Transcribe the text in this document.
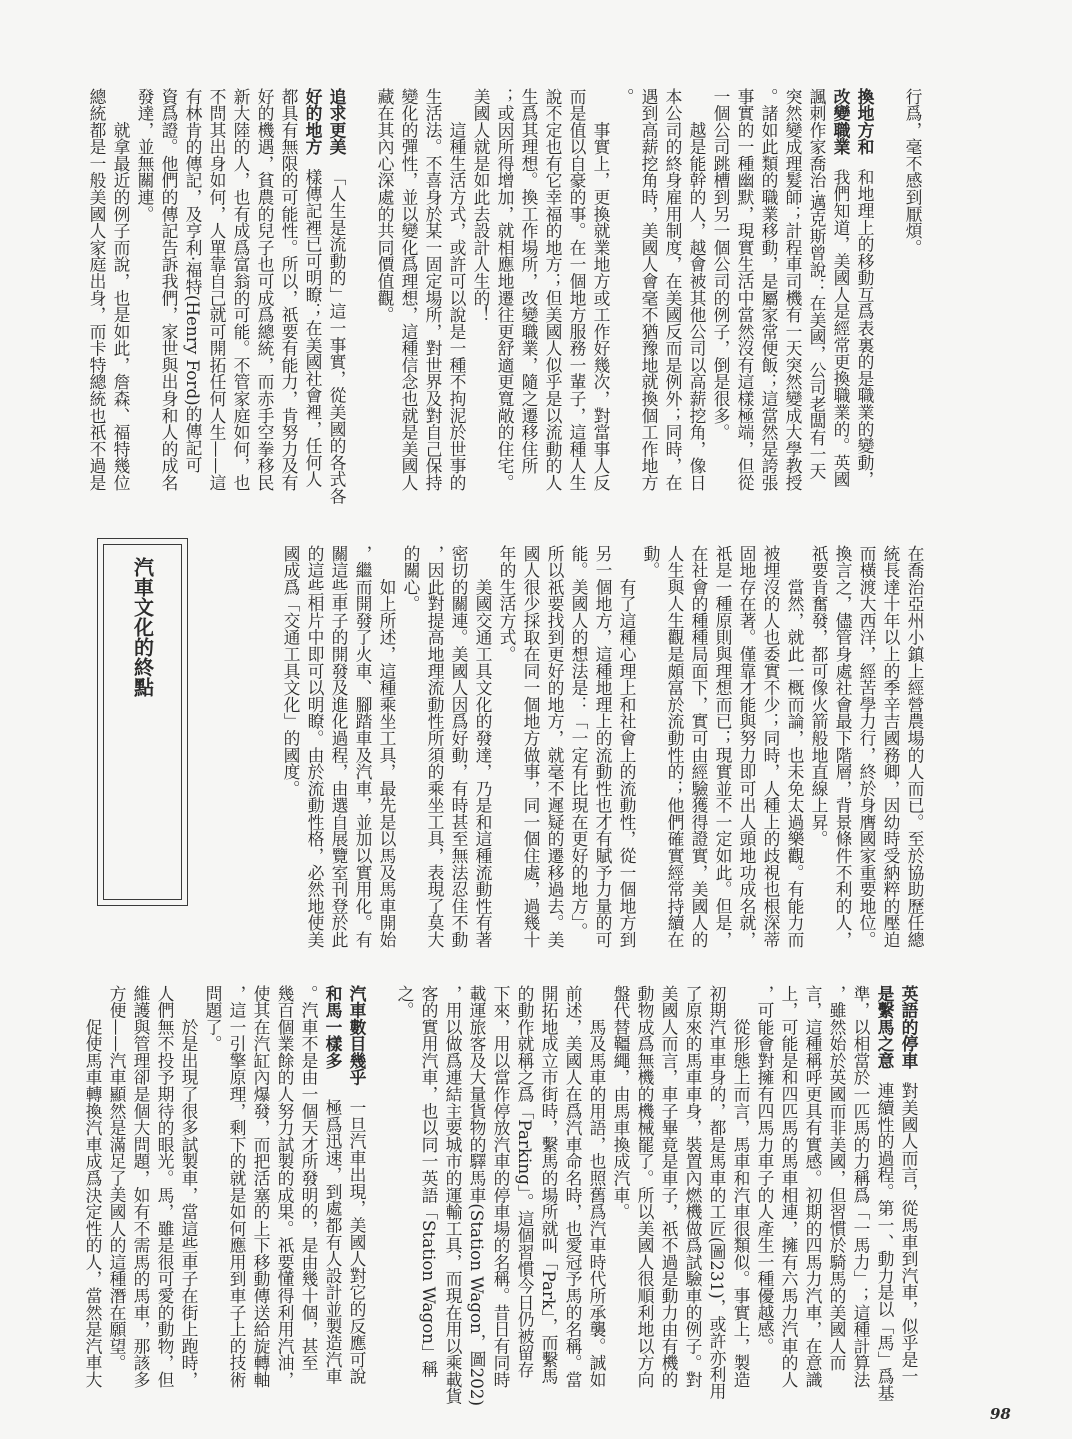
行爲，毫不感到厭煩。
換地方和和地理上的移動互爲表裏的是職業的變動，
改變職業我們知道，美國人是經常更換職業的。英國
諷刺作家喬治‧邁克斯曾說：在美國，公司老闆有一天
突然變成理髮師；計程車司機有一天突然變成大學教授
。諸如此類的職業移動，是屬家常便飯；這當然是誇張
事實的一種幽默，現實生活中當然沒有這樣極端，但從
一個公司跳槽到另一個公司的例子，倒是很多。
　　越是能幹的人，越會被其他公司以高薪挖角，像日
本公司的終身雇用制度，在美國反而是例外；同時，在
遇到高薪挖角時，美國人會毫不猶豫地就換個工作地方
。
　　事實上，更換就業地方或工作好幾次，對當事人反
而是值以自豪的事。在一個地方服務一輩子，這種人生
說不定也有它幸福的地方；但美國人似乎是以流動的人
生爲其理想。換工作場所，改變職業，隨之遷移住所
；或因所得增加，就相應地遷往更舒適更寬敞的住宅。
美國人就是如此去設計人生的！
　　這種生活方式，或許可以說是一種不拘泥於世事的
生活法。不喜身於某一固定場所，對世界及對自己保持
變化的彈性，並以變化爲理想，這種信念也就是美國人
藏在其內心深處的共同價值觀。
追求更美「人生是流動的」這一事實，從美國的各式各
好的地方樣傳記裡已可明瞭；在美國社會裡，任何人
都具有無限的可能性。所以，祇要有能力，肯努力及有
好的機遇，貧農的兒子也可成爲總統，而赤手空拳移民
新大陸的人，也有成爲富翁的可能。不管家庭如何，也
不問其出身如何，人單靠自己就可開拓任何人生——這
有林肯的傳記，及亨利‧福特(Henry Ford)的傳記可
資爲證。他們的傳記告訴我們，家世與出身和人的成名
發達，並無關連。
　　就拿最近的例子而說，也是如此，詹森、福特幾位
總統都是一般美國人家庭出身，而卡特總統也祇不過是
在喬治亞州小鎮上經營農場的人而已。至於協助歷任總
統長達十年以上的季辛吉國務卿，因幼時受納粹的壓迫
而橫渡大西洋，經苦學力行，終於身膺國家重要地位。
換言之，儘管身處社會最下階層，背景條件不利的人，
祇要肯奮發，都可像火箭般地直線上昇。
　　當然，就此一概而論，也未免太過樂觀。有能力而
被埋沒的人也委實不少；同時，人種上的歧視也根深蒂
固地存在著。僅靠才能與努力即可出人頭地功成名就，
祇是一種原則與理想而已；現實並不一定如此。但是，
在社會的種種局面下，實可由經驗獲得證實，美國人的
人生與人生觀是頗富於流動性的；他們確實經常持續在
動。
　　有了這種心理上和社會上的流動性，從一個地方到
另一個地方，這種地理上的流動性也才有賦予力量的可
能。美國人的想法是：「一定有比現在更好的地方」。
所以祇要找到更好的地方，就毫不遲疑的遷移過去。美
國人很少採取在同一個地方做事，同一個住處，過幾十
年的生活方式。
　　美國交通工具文化的發達，乃是和這種流動性有著
密切的關連。美國人因爲好動，有時甚至無法忍住不動
，因此對提高地理流動性所須的乘坐工具，表現了莫大
的關心。
　　如上所述，這種乘坐工具，最先是以馬及馬車開始
，繼而開發了火車、腳踏車及汽車，並加以實用化。有
關這些車子的開發及進化過程，由選自展覽室刊登於此
的這些相片中即可以明瞭。由於流動性格，必然地使美
國成爲「交通工具文化」的國度。
英語的停車對美國人而言，從馬車到汽車，似乎是一
是繫馬之意連續性的過程。第一、動力是以「馬」爲基
準，以相當於一匹馬的力稱爲「一馬力」；這種計算法
，雖然始於英國而非美國，但習慣於騎馬的美國人而
言，這種稱呼更具有實感。初期的四馬力汽車，在意識
上，可能是和四匹馬的馬車相連，擁有六馬力汽車的人
，可能會對擁有四馬力車子的人產生一種優越感。
　　從形態上而言，馬車和汽車很類似。事實上，製造
初期汽車車身的，都是馬車的工匠(圖231)，或許亦利用
了原來的馬車車身，裝置內燃機做爲試驗車的例子。對
美國人而言，車子畢竟是車子，祇不過是動力由有機的
動物成爲無機的機械罷了。所以美國人很順利地以方向
盤代替韁繩，由馬車換成汽車。
　　馬及馬車的用語，也照舊爲汽車時代所承襲。誠如
前述，美國人在爲汽車命名時，也愛冠予馬的名稱。當
開拓地成立市街時，繫馬的場所就叫「Park」，而繫馬
的動作就稱之爲「Parking」。這個習慣今日仍被留存
下來，用以當作停放汽車的停車場的名稱。昔日有同時
載運旅客及大量貨物的驛馬車(Station Wagon，圖202)
，用以做爲連結主要城市的運輸工具，而現在用以乘載貨
客的實用汽車，也以同一英語「Station Wagon」稱
之。
汽車數目幾乎一旦汽車出現，美國人對它的反應可說
和馬一樣多極爲迅速，到處都有人設計並製造汽車
。汽車不是由一個天才所發明的，是由幾十個，甚至
幾百個業餘的人努力試製的成果。祇要懂得利用汽油，
使其在汽缸內爆發，而把活塞的上下移動傳送給旋轉軸
，這一引擎原理，剩下的就是如何應用到車子上的技術
問題了。
　　於是出現了很多試製車，當這些車子在街上跑時，
人們無不投予期待的眼光。馬，雖是很可愛的動物，但
維護與管理卻是個大問題，如有不需馬的馬車，那該多
方便——汽車顯然是滿足了美國人的這種潛在願望。
　　促使馬車轉換汽車成爲決定性的人，當然是汽車大
汽車文化的終點
98
